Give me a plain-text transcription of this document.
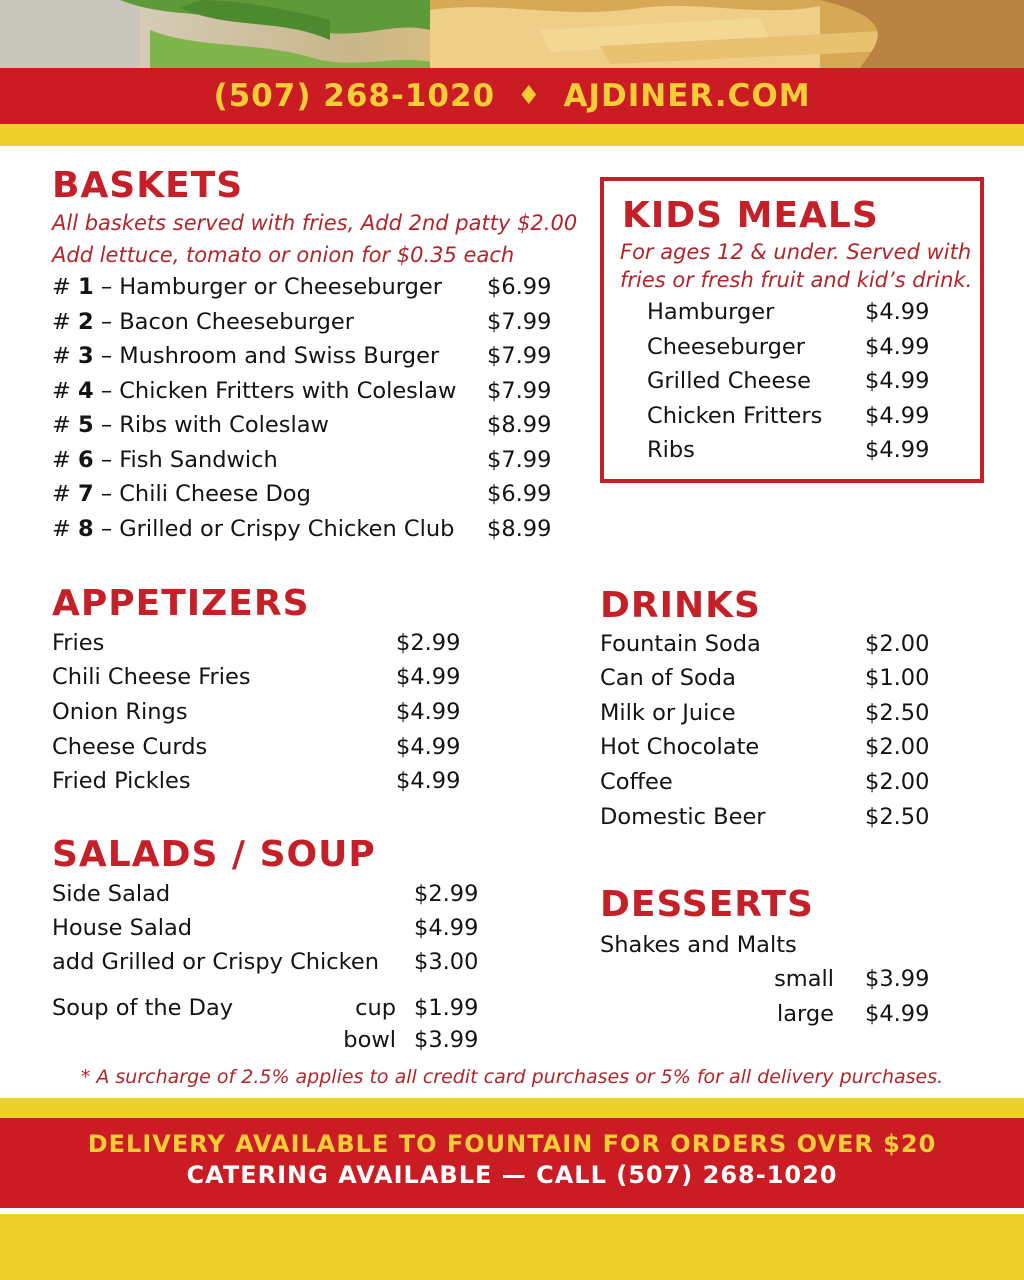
(507) 268-1020 ♦ AJDINER.COM
BASKETS
All baskets served with fries, Add 2nd patty $2.00
Add lettuce, tomato or onion for $0.35 each
# 1 – Hamburger or Cheeseburger $6.99
# 2 – Bacon Cheeseburger	$7.99
# 3 – Mushroom and Swiss Burger $7.99
# 4 – Chicken Fritters with Coleslaw $7.99
# 5 – Ribs with Coleslaw	$8.99
# 6 – Fish Sandwich	$7.99
# 7 – Chili Cheese Dog	$6.99
# 8 – Grilled or Crispy Chicken Club $8.99
KIDS MEALS
For ages 12 & under. Served with
fries or fresh fruit and kid’s drink.
Hamburger	$4.99
Cheeseburger	$4.99
Grilled Cheese $4.99
Chicken Fritters $4.99
Ribs	$4.99
APPETIZERS
Fries	$2.99
Chili Cheese Fries	$4.99
Onion Rings	$4.99
Cheese Curds	$4.99
Fried Pickles	$4.99
DRINKS
Fountain Soda	$2.00
Can of Soda	$1.00
Milk or Juice	$2.50
Hot Chocolate	$2.00
Coffee	$2.00
Domestic Beer	$2.50
SALADS / SOUP
Side Salad	$2.99
House Salad	$4.99
add Grilled or Crispy Chicken $3.00
Soup of the Day	cup $1.99
bowl $3.99
DESSERTS
Shakes and Malts
small $3.99
large $4.99
* A surcharge of 2.5% applies to all credit card purchases or 5% for all delivery purchases.
DELIVERY AVAILABLE TO FOUNTAIN FOR ORDERS OVER $20
CATERING AVAILABLE — CALL (507) 268-1020
